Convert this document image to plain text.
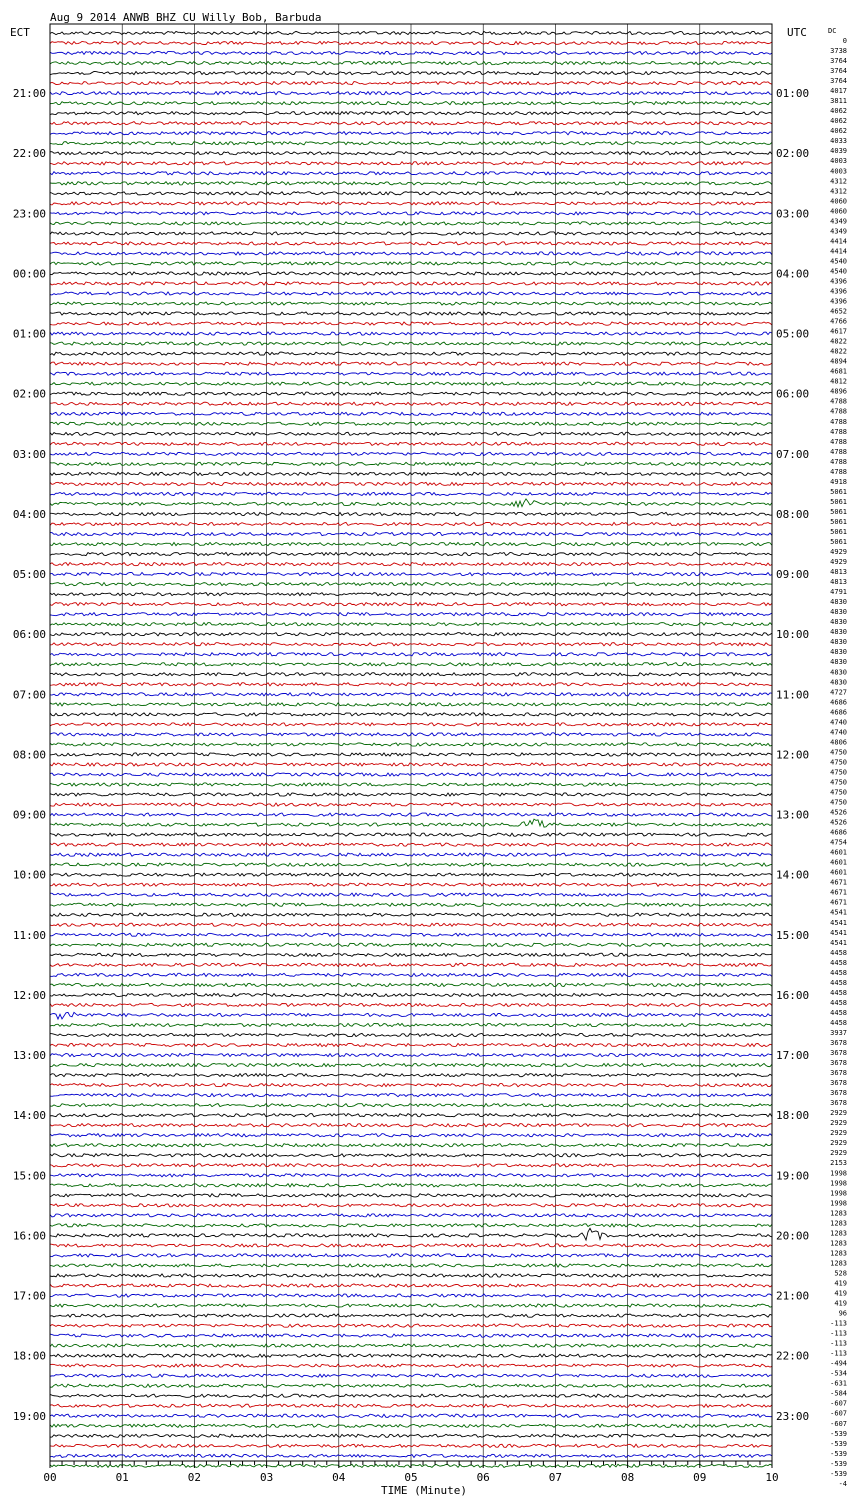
Aug 9 2014 ANWB BHZ CU Willy Bob, Barbuda
ECT	UTC	DC
21:00
22:00
23:00
00:00
01:00
02:00
03:00
04:00
05:00
06:00
07:00
08:00
09:00
10:00
11:00
12:00
13:00
14:00
15:00
16:00
17:00
18:00
19:00
01:00
02:00
03:00
04:00
05:00
06:00
07:00
08:00
09:00
10:00
11:00
12:00
13:00
14:00
15:00
16:00
17:00
18:00
19:00
20:00
21:00
22:00
23:00
0
3738
3764
3764
3764
4017
3811
4062
4062
4062
4033
4039
4003
4003
4312
4312
4060
4060
4349
4349
4414
4414
4540
4540
4396
4396
4396
4652
4766
4617
4822
4822
4894
4681
4812
4896
4788
4788
4788
4788
4788
4788
4788
4788
4918
5061
5061
5061
5061
5061
5061
4929
4929
4813
4813
4791
4830
4830
4830
4830
4830
4830
4830
4830
4830
4727
4686
4686
4740
4740
4806
4750
4750
4750
4750
4750
4750
4526
4526
4686
4754
4601
4601
4601
4671
4671
4671
4541
4541
4541
4541
4458
4458
4458
4458
4458
4458
4458
4458
3937
3678
3678
3678
3678
3678
3678
3678
2929
2929
2929
2929
2929
2153
1998
1998
1998
1998
1283
1283
1283
1283
1283
1283
528
419
419
419
96
-113
-113
-113
-113
-494
-534
-631
-584
-607
-607
-607
-539
-539
-539
-539
-539
-4
00	01	02	03	04	05	06	07	08	09	10
TIME (Minute)
